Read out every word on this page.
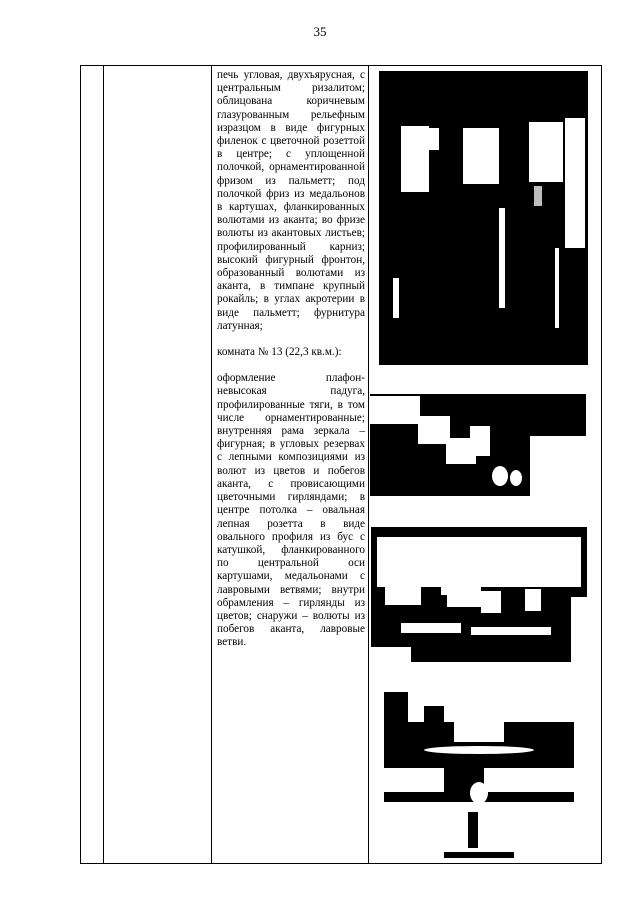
35

печь угловая, двухъярусная, с центральным ризалитом; облицована коричневым глазурованным рельефным изразцом в виде фигурных филенок с цветочной розеттой в центре; с уплощенной полочкой, орнаментированной фризом из пальметт; под полочкой фриз из медальонов в картушах, фланкированных волютами из аканта; во фризе волюты из акантовых листьев; профилированный карниз; высокий фигурный фронтон, образованный волютами из аканта, в тимпане крупный рокайль; в углах акротерии в виде пальметт; фурнитура латунная;

комната № 13 (22,3 кв.м.):

оформление плафон- невысокая падуга, профилированные тяги, в том числе орнаментированные; внутренняя рама зеркала – фигурная; в угловых резервах с лепными композициями из волют из цветов и побегов аканта, с провисающими цветочными гирляндами; в центре потолка – овальная лепная розетта в виде овального профиля из бус с катушкой, фланкированного по центральной оси картушами, медальонами с лавровыми ветвями; внутри обрамления – гирлянды из цветов; снаружи – волюты из побегов аканта, лавровые ветви.
